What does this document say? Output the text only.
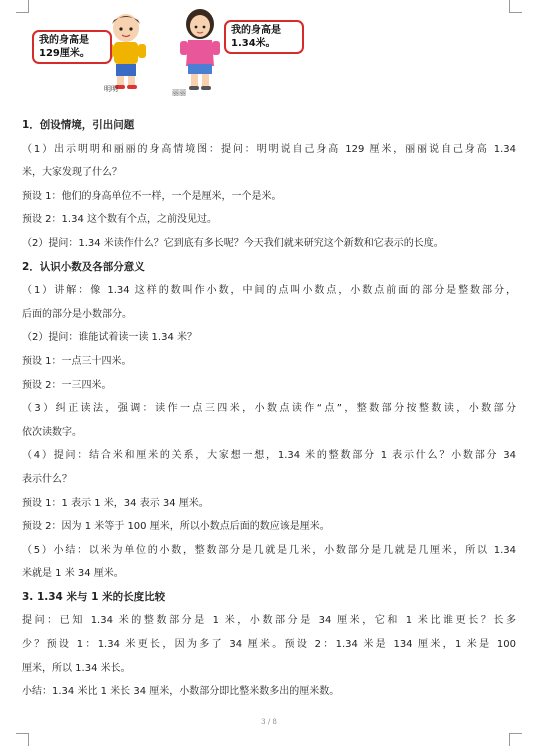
我的身高是129厘米。
我的身高是1.34米。
明明	丽丽

1．创设情境，引出问题

（1）出示明明和丽丽的身高情境图：提问：明明说自己身高 129 厘米，丽丽说自己身高 1.34

米，大家发现了什么？

预设 1：他们的身高单位不一样，一个是厘米，一个是米。

预设 2：1.34 这个数有个点，之前没见过。

（2）提问：1.34 米读作什么？它到底有多长呢？今天我们就来研究这个新数和它表示的长度。

2．认识小数及各部分意义

（1）讲解：像 1.34 这样的数叫作小数，中间的点叫小数点，小数点前面的部分是整数部分，

后面的部分是小数部分。

（2）提问：谁能试着读一读 1.34 米？

预设 1：一点三十四米。

预设 2：一三四米。

（3）纠正读法，强调：读作一点三四米，小数点读作“点”，整数部分按整数读，小数部分

依次读数字。

（4）提问：结合米和厘米的关系，大家想一想，1.34 米的整数部分 1 表示什么？小数部分 34

表示什么？

预设 1：1 表示 1 米，34 表示 34 厘米。

预设 2：因为 1 米等于 100 厘米，所以小数点后面的数应该是厘米。

（5）小结：以米为单位的小数，整数部分是几就是几米，小数部分是几就是几厘米，所以 1.34

米就是 1 米 34 厘米。

3. 1.34 米与 1 米的长度比较

提问：已知 1.34 米的整数部分是 1 米，小数部分是 34 厘米，它和 1 米比谁更长？长多

少？预设 1：1.34 米更长，因为多了 34 厘米。预设 2：1.34 米是 134 厘米，1 米是 100

厘米，所以 1.34 米长。

小结：1.34 米比 1 米长 34 厘米，小数部分即比整米数多出的厘米数。

3 / 8
